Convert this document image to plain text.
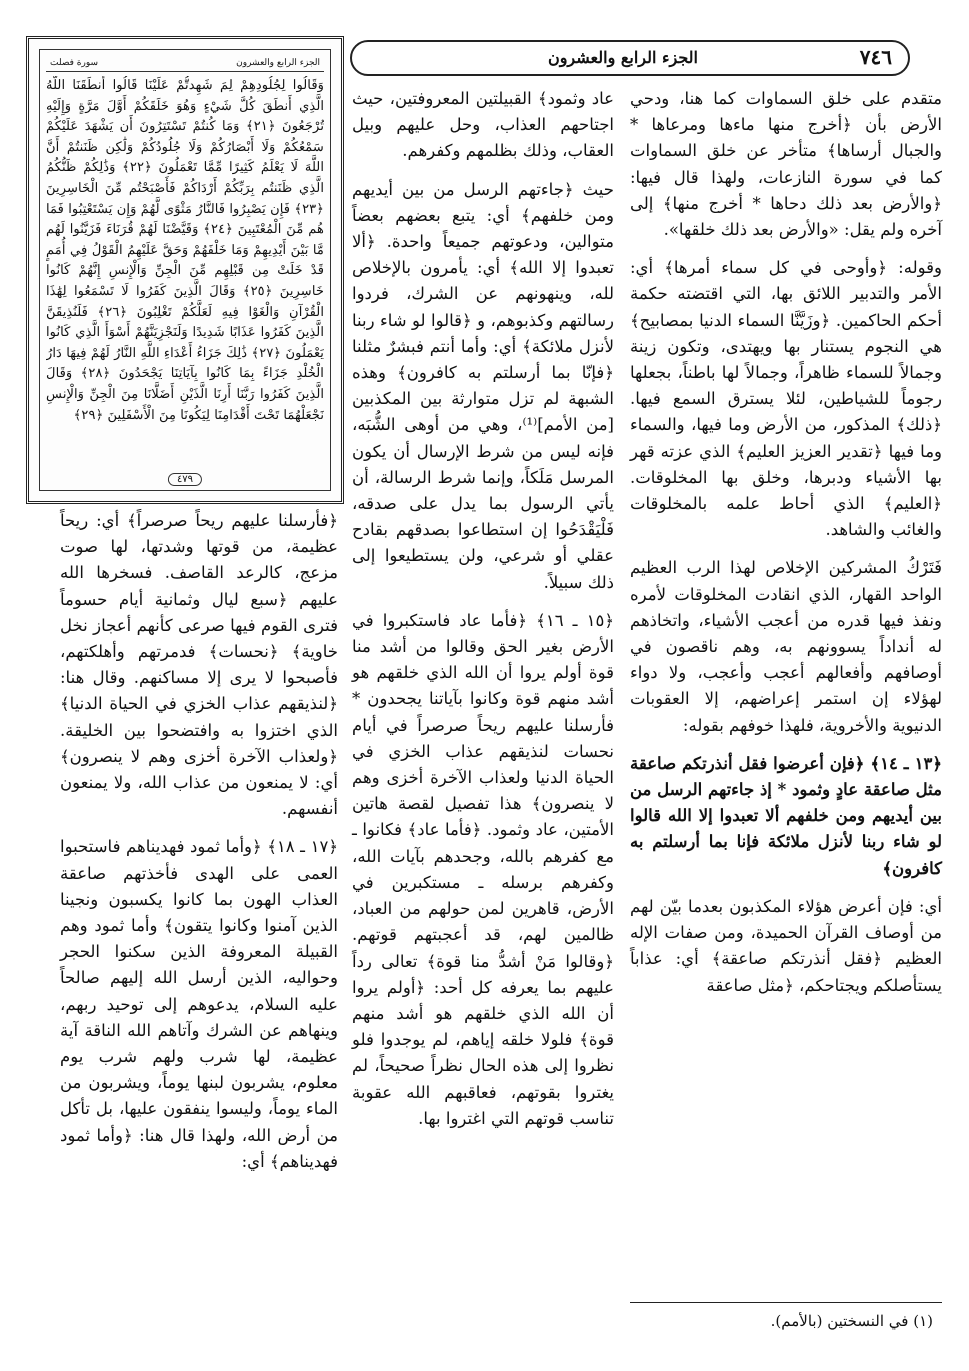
٧٤٦
الجزء الرابع والعشرون
الجزء الرابع والعشرون
سورة فصلت
وَقَالُوا لِجُلُودِهِمْ لِمَ شَهِدتُّمْ عَلَيْنَا قَالُوا أَنطَقَنَا اللَّهُ الَّذِي أَنطَقَ كُلَّ شَيْءٍ وَهُوَ خَلَقَكُمْ أَوَّلَ مَرَّةٍ وَإِلَيْهِ تُرْجَعُونَ ﴿٢١﴾ وَمَا كُنتُمْ تَسْتَتِرُونَ أَن يَشْهَدَ عَلَيْكُمْ سَمْعُكُمْ وَلَا أَبْصَارُكُمْ وَلَا جُلُودُكُمْ وَلَٰكِن ظَنَنتُمْ أَنَّ اللَّهَ لَا يَعْلَمُ كَثِيرًا مِّمَّا تَعْمَلُونَ ﴿٢٢﴾ وَذَٰلِكُمْ ظَنُّكُمُ الَّذِي ظَنَنتُم بِرَبِّكُمْ أَرْدَاكُمْ فَأَصْبَحْتُم مِّنَ الْخَاسِرِينَ ﴿٢٣﴾ فَإِن يَصْبِرُوا فَالنَّارُ مَثْوًى لَّهُمْ وَإِن يَسْتَعْتِبُوا فَمَا هُم مِّنَ الْمُعْتَبِينَ ﴿٢٤﴾ وَقَيَّضْنَا لَهُمْ قُرَنَاءَ فَزَيَّنُوا لَهُم مَّا بَيْنَ أَيْدِيهِمْ وَمَا خَلْفَهُمْ وَحَقَّ عَلَيْهِمُ الْقَوْلُ فِي أُمَمٍ قَدْ خَلَتْ مِن قَبْلِهِم مِّنَ الْجِنِّ وَالْإِنسِ إِنَّهُمْ كَانُوا خَاسِرِينَ ﴿٢٥﴾ وَقَالَ الَّذِينَ كَفَرُوا لَا تَسْمَعُوا لِهَٰذَا الْقُرْآنِ وَالْغَوْا فِيهِ لَعَلَّكُمْ تَغْلِبُونَ ﴿٢٦﴾ فَلَنُذِيقَنَّ الَّذِينَ كَفَرُوا عَذَابًا شَدِيدًا وَلَنَجْزِيَنَّهُمْ أَسْوَأَ الَّذِي كَانُوا يَعْمَلُونَ ﴿٢٧﴾ ذَٰلِكَ جَزَاءُ أَعْدَاءِ اللَّهِ النَّارُ لَهُمْ فِيهَا دَارُ الْخُلْدِ جَزَاءً بِمَا كَانُوا بِآيَاتِنَا يَجْحَدُونَ ﴿٢٨﴾ وَقَالَ الَّذِينَ كَفَرُوا رَبَّنَا أَرِنَا الَّذَيْنِ أَضَلَّانَا مِنَ الْجِنِّ وَالْإِنسِ نَجْعَلْهُمَا تَحْتَ أَقْدَامِنَا لِيَكُونَا مِنَ الْأَسْفَلِينَ ﴿٢٩﴾
٤٧٩

متقدم على خلق السماوات كما هنا، ودحي الأرض بأن ﴿أخرج منها ماءها ومرعاها * والجبال أرساها﴾ متأخر عن خلق السماوات كما في سورة النازعات، ولهذا قال فيها: ﴿والأرض بعد ذلك دحاها * أخرج منها﴾ إلى آخره ولم يقل: «والأرض بعد ذلك خلقها».

وقوله: ﴿وأوحى في كل سماء أمرها﴾ أي: الأمر والتدبير اللائق بها، التي اقتضته حكمة أحكم الحاكمين. ﴿وزَيَّنَّا السماء الدنيا بمصابيح﴾ هي النجوم يستنار بها ويهتدى، وتكون زينة وجمالاً للسماء ظاهراً، وجمالاً لها باطناً، بجعلها رجوماً للشياطين، لئلا يسترق السمع فيها. ﴿ذلك﴾ المذكور، من الأرض وما فيها، والسماء وما فيها ﴿تقدير العزيز العليم﴾ الذي عزته قهر بها الأشياء ودبرها، وخلق بها المخلوقات. ﴿العليم﴾ الذي أحاط علمه بالمخلوقات والغائب والشاهد.

فَتَرْكُ المشركين الإخلاص لهذا الرب العظيم الواحد القهار، الذي انقادت المخلوقات لأمره ونفذ فيها قدره من أعجب الأشياء، واتخاذهم له أنداداً يسوونهم به، وهم ناقصون في أوصافهم وأفعالهم أعجب وأعجب، ولا دواء لهؤلاء إن استمر إعراضهم، إلا العقوبات الدنيوية والأخروية، فلهذا خوفهم بقوله:

﴿١٣ ـ ١٤﴾ ﴿فإن أعرضوا فقل أنذرتكم صاعقة مثل صاعقة عادٍ وثمود * إذ جاءتهم الرسل من بين أيديهم ومن خلفهم ألا تعبدوا إلا الله قالوا لو شاء ربنا لأنزل ملائكة فإنا بما أرسلتم به كافرون﴾

أي: فإن أعرض هؤلاء المكذبون بعدما بيّن لهم من أوصاف القرآن الحميدة، ومن صفات الإله العظيم ﴿فقل أنذرتكم صاعقة﴾ أي: عذاباً يستأصلكم ويجتاحكم، ﴿مثل صاعقة

عاد وثمود﴾ القبيلتين المعروفتين، حيث اجتاحهم العذاب، وحل عليهم وبيل العقاب، وذلك بظلمهم وكفرهم.

حيث ﴿جاءتهم الرسل من بين أيديهم ومن خلفهم﴾ أي: يتبع بعضهم بعضاً متوالين، ودعوتهم جميعاً واحدة. ﴿ألا تعبدوا إلا الله﴾ أي: يأمرون بالإخلاص لله، وينهونهم عن الشرك، فردوا رسالتهم وكذبوهم، و ﴿قالوا لو شاء ربنا لأنزل ملائكة﴾ أي: وأما أنتم فبشرٌ مثلنا ﴿فإنّا بما أرسلتم به كافرون﴾ وهذه الشبهة لم تزل متوارثة بين المكذبين [من الأمم]⁽¹⁾، وهي من أوهى الشُّبَه، فإنه ليس من شرط الإرسال أن يكون المرسل مَلَكاً، وإنما شرط الرسالة، أن يأتي الرسول بما يدل على صدقه، فَلْيَقْدَحُوا إن استطاعوا بصدقهم بقادح عقلي أو شرعي، ولن يستطيعوا إلى ذلك سبيلاً.

﴿١٥ ـ ١٦﴾ ﴿فأما عاد فاستكبروا في الأرض بغير الحق وقالوا من أشد منا قوة أولم يروا أن الله الذي خلقهم هو أشد منهم قوة وكانوا بآياتنا يجحدون * فأرسلنا عليهم ريحاً صرصراً في أيام نحسات لنذيقهم عذاب الخزي في الحياة الدنيا ولعذاب الآخرة أخزى وهم لا ينصرون﴾ هذا تفصيل لقصة هاتين الأمتين، عاد وثمود. ﴿فأما عاد﴾ فكانوا ـ مع كفرهم بالله، وجحدهم بآيات الله، وكفرهم برسله ـ مستكبرين في الأرض، قاهرين لمن حولهم من العباد، ظالمين لهم، قد أعجبتهم قوتهم. ﴿وقالوا مَنْ أشدُّ منا قوة﴾ تعالى رداً عليهم بما يعرفه كل أحد: ﴿أولم يروا أن الله الذي خلقهم هو أشد منهم قوة﴾ فلولا خلقه إياهم، لم يوجدوا فلو نظروا إلى هذه الحال نظراً صحيحاً، لم يغتروا بقوتهم، فعاقبهم الله عقوبة تناسب قوتهم التي اغتروا بها.

﴿فأرسلنا عليهم ريحاً صرصراً﴾ أي: ريحاً عظيمة، من قوتها وشدتها، لها صوت مزعج، كالرعد القاصف. فسخرها الله عليهم ﴿سبع ليال وثمانية أيام حسوماً فترى القوم فيها صرعى كأنهم أعجاز نخل خاوية﴾ ﴿نحسات﴾ فدمرتهم وأهلكتهم، فأصبحوا لا يرى إلا مساكنهم. وقال هنا: ﴿لنذيقهم عذاب الخزي في الحياة الدنيا﴾ الذي اختزوا به وافتضحوا بين الخليقة. ﴿ولعذاب الآخرة أخزى وهم لا ينصرون﴾ أي: لا يمنعون من عذاب الله، ولا يمنعون أنفسهم.

﴿١٧ ـ ١٨﴾ ﴿وأما ثمود فهديناهم فاستحبوا العمى على الهدى فأخذتهم صاعقة العذاب الهون بما كانوا يكسبون ونجينا الذين آمنوا وكانوا يتقون﴾ وأما ثمود وهم القبيلة المعروفة الذين سكنوا الحجر وحواليه، الذين أرسل الله إليهم صالحاً عليه السلام، يدعوهم إلى توحيد ربهم، وينهاهم عن الشرك وآتاهم الله الناقة آية عظيمة، لها شرب ولهم شرب يوم معلوم، يشربون لبنها يوماً، ويشربون من الماء يوماً، وليسوا ينفقون عليها، بل تأكل من أرض الله، ولهذا قال هنا: ﴿وأما ثمود فهديناهم﴾ أي:

(١) في النسختين (بالأمم).
